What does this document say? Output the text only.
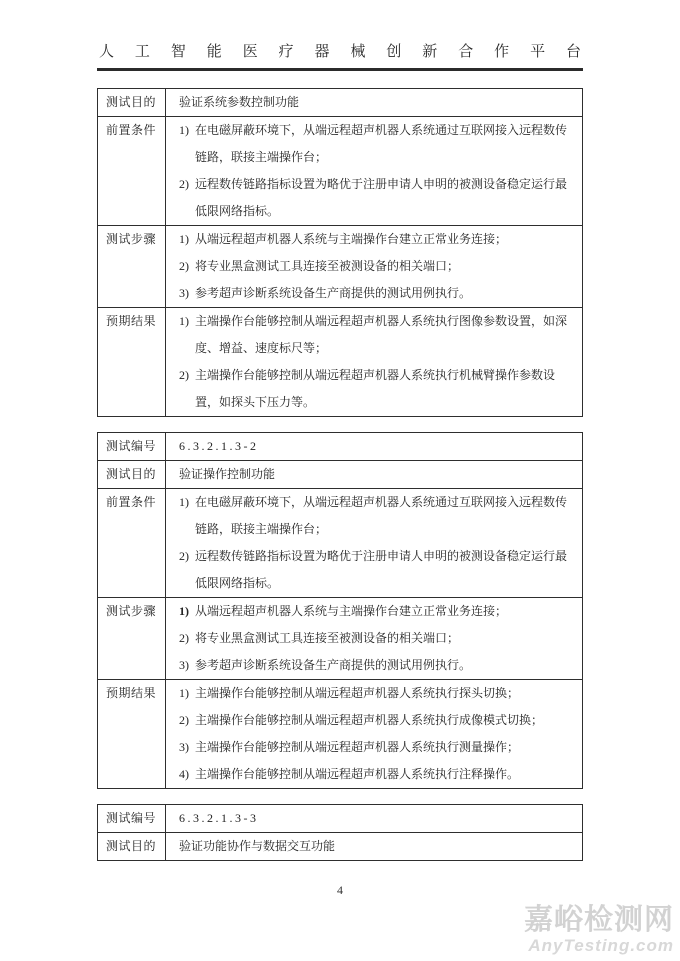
人 工 智 能 医 疗 器 械 创 新 合 作 平 台
测试目的	验证系统参数控制功能
前置条件	1) 在电磁屏蔽环境下，从端远程超声机器人系统通过互联网接入远程数传链路，联接主端操作台；
2) 远程数传链路指标设置为略优于注册申请人申明的被测设备稳定运行最低限网络指标。
测试步骤	1) 从端远程超声机器人系统与主端操作台建立正常业务连接；
2) 将专业黑盒测试工具连接至被测设备的相关端口；
3) 参考超声诊断系统设备生产商提供的测试用例执行。
预期结果	1) 主端操作台能够控制从端远程超声机器人系统执行图像参数设置，如深度、增益、速度标尺等；
2) 主端操作台能够控制从端远程超声机器人系统执行机械臂操作参数设置，如探头下压力等。
测试编号	6.3.2.1.3-2
测试目的	验证操作控制功能
前置条件	1) 在电磁屏蔽环境下，从端远程超声机器人系统通过互联网接入远程数传链路，联接主端操作台；
2) 远程数传链路指标设置为略优于注册申请人申明的被测设备稳定运行最低限网络指标。
测试步骤	1) 从端远程超声机器人系统与主端操作台建立正常业务连接；
2) 将专业黑盒测试工具连接至被测设备的相关端口；
3) 参考超声诊断系统设备生产商提供的测试用例执行。
预期结果	1) 主端操作台能够控制从端远程超声机器人系统执行探头切换；
2) 主端操作台能够控制从端远程超声机器人系统执行成像模式切换；
3) 主端操作台能够控制从端远程超声机器人系统执行测量操作；
4) 主端操作台能够控制从端远程超声机器人系统执行注释操作。
测试编号	6.3.2.1.3-3
测试目的	验证功能协作与数据交互功能
4
嘉峪检测网
AnyTesting.com
